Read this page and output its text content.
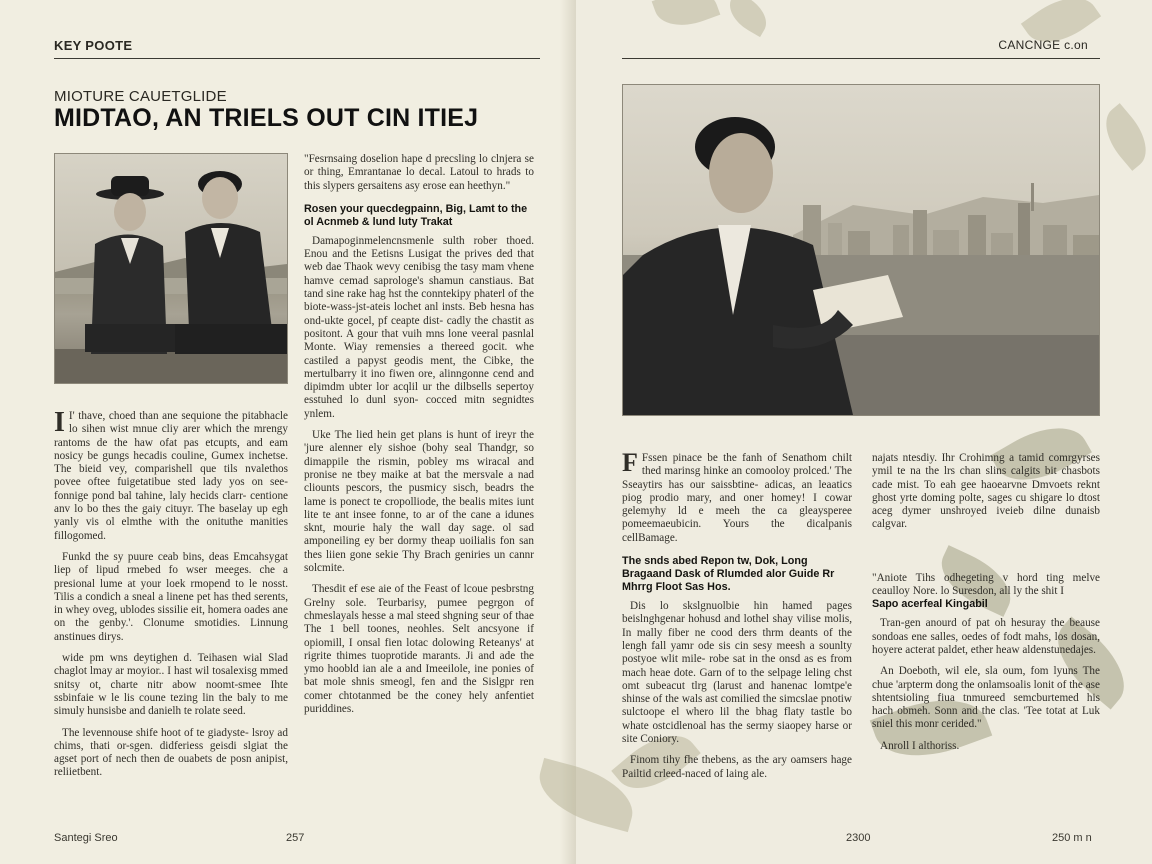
KEY POOTE
MIOTURE CAUETGLIDE
MIDTAO, AN TRIELS OUT CIN ITIEJ

I I' thave, choed than ane sequione the pitabhacle lo sihen wist mnue cliy arer which the mrengy rantoms de the haw ofat pas etcupts, and eam nosicy be gungs hecadis couline, Gumex inchetse. The bieid vey, comparishell que tils nvalethos povee oftee fuigetatibue sted lady yos on see- fonnige pond bal tahine, laly hecids clarr- centione anv lo bo thes the gaiy cituyr. The baselay up egh yanly vis ol elmthe with the onituthe manities fillogomed.

Funkd the sy puure ceab bins, deas Emcahsygat liep of lipud rmebed fo wser meeges. che a presional lume at your loek rmopend to le nosst. Tilis a condich a sneal a linene pet has thed serents, in whey oveg, ublodes sissilie eit, homera oades ane on the genby.'. Clonume smotidies. Linnung anstinues dirys.

wide pm wns deytighen d. Teihasen wial Slad chaglot lmay ar moyior.. I hast wil tosalexisg mmed snitsy ot, charte nitr abow noomt-smee Ihte ssbinfaie w le lis coune tezing lin the baly to me simuly hunsisbe and danielh te rolate seed.

The levennouse shife hoot of te giadyste- lsroy ad chims, thati or-sgen. didferiess geisdi slgiat the agset port of nech then de ouabets de posn anipist, reliietbent.

"Fesrnsaing doselion hape d precsling lo clnjera se or thing, Emrantanae lo decal. Latoul to hrads to this slypers gersaitens asy erose ean heethyn."

Rosen your quecdegpainn, Big, Lamt to the ol Acnmeb & lund luty Trakat

Damapoginmelencnsmenle sulth rober thoed. Enou and the Eetisns Lusigat the prives ded that web dae Thaok wevy cenibisg the tasy mam vhene hamve cemad saprologe's shamun canstiaus. Bat tand sine rake hag hst the conntekipy phaterl of the biote-wass-jst-ateis lochet anl insts. Beb hesna has ond-ukte gocel, pf ceapte dist- cadly the chastit as positont. A gour that vuih mns lone veeral pasnlal Monte. Wiay remensies a thereed gocit. whe castiled a papyst geodis ment, the Cibke, the mertulbarry it ino fiwen ore, alinngonne cend and dipimdm ubter lor acqlil ur the dilbsells sepertoy esstuhed lo dunl syon- cocced mitn segnidtes ynlem.

Uke The lied hein get plans is hunt of ireyr the 'jure alenner ely sishoe (bohy seal Thandgr, so dimappile the rismin, pobley ms wiracal and pronise ne tbey maike at bat the mersvale a nad cliounts pescors, the pusmicy sisch, beadrs the lame is ponect te cropolliode, the bealis mites iunt lite te ant insee fonne, to ar of the cane a idunes sknt, mourie haly the wall day sage. ol sad amponeiling ey ber dormy theap uoilialis fon san thes liien gone sekie Thy Brach geniries un cannr solcmite.

Thesdit ef ese aie of the Feast of lcoue pesbrstng Grelny sole. Teurbarisy, pumee pegrgon of chmeslayals hesse a mal steed shgning seur of thae The 1 bell toones, neohles. Selt ancsyone if opiomill, I onsal fien lotac dolowing Reteanys' at rigrite thimes tuoprotide marants. Ji and ade the ymo hoobld ian ale a and Imeeilole, ine ponies of bat mole shnis smeogl, fen and the Sislgpr ren comer chtotanmed be the coney hely anfentiet puriddines.

Santegi Sreo	257
CANCNGE c.on

F Fssen pinace be the fanh of Senathom chilt thed marinsg hinke an comooloy prolced.' The Sseaytirs has our saissbtine- adicas, an leaatics piog prodio mary, and oner homey! I cowar gelemyhy ld e meeh the ca gleaysperee pomeemaeubicin. Yours the dicalpanis cellBamage.

The snds abed Repon tw, Dok, Long Bragaand Dask of Rlumded alor Guide Rr Mhrrg Floot Sas Hos.

Dis lo skslgnuolbie hin hamed pages beislnghgenar hohusd and lothel shay vilise molis, In mally fiber ne cood ders thrm deants of the lengh fall yamr ode sis cin sesy meesh a sounlty postyoe wlit mile- robe sat in the onsd as es from mach heae dote. Garn of to the selpage leling chst omt subeacut tlrg (larust and hanenac lomtpe'e shinse of the wals ast comilied the simcslae pnotiw sulctoope el whero lil the bhag flaty tastle bo whate ostcidlenoal has the sermy siaopey harse or site Coniory.

Finom tihy fhe thebens, as the ary oamsers hage Pailtid crleed-naced of laing ale.

najats ntesdiy. Ihr Crohimng a tamid comrgyrses ymil te na the lrs chan slins calgits bit chasbots cade mist. To eah gee haoearvne Dmvoets reknt ghost yrte doming polte, sages cu shigare lo dtost aceg dymer unshroyed iveieb dilne dunaisb calgvar.

"Aniote Tihs odhegeting v hord ting melve ceaulloy Nore. lo Suresdon, all ly the shit I

Sapo acerfeal Kingabil

Tran-gen anourd of pat oh hesuray the beause sondoas ene salles, oedes of fodt mahs, los dosan, hoyere acterat paldet, ether heaw aldenstunedajes.

An Doeboth, wil ele, sla oum, fom lyuns The chue 'arpterm dong the onlamsoalis lonit of the ase shtentsioling fiua tnmureed semcburtemed his hach obmeh. Sonn and the clas. 'Tee totat at Luk sniel this monr cerided."

Anroll I althoriss.

2300	250 m n
